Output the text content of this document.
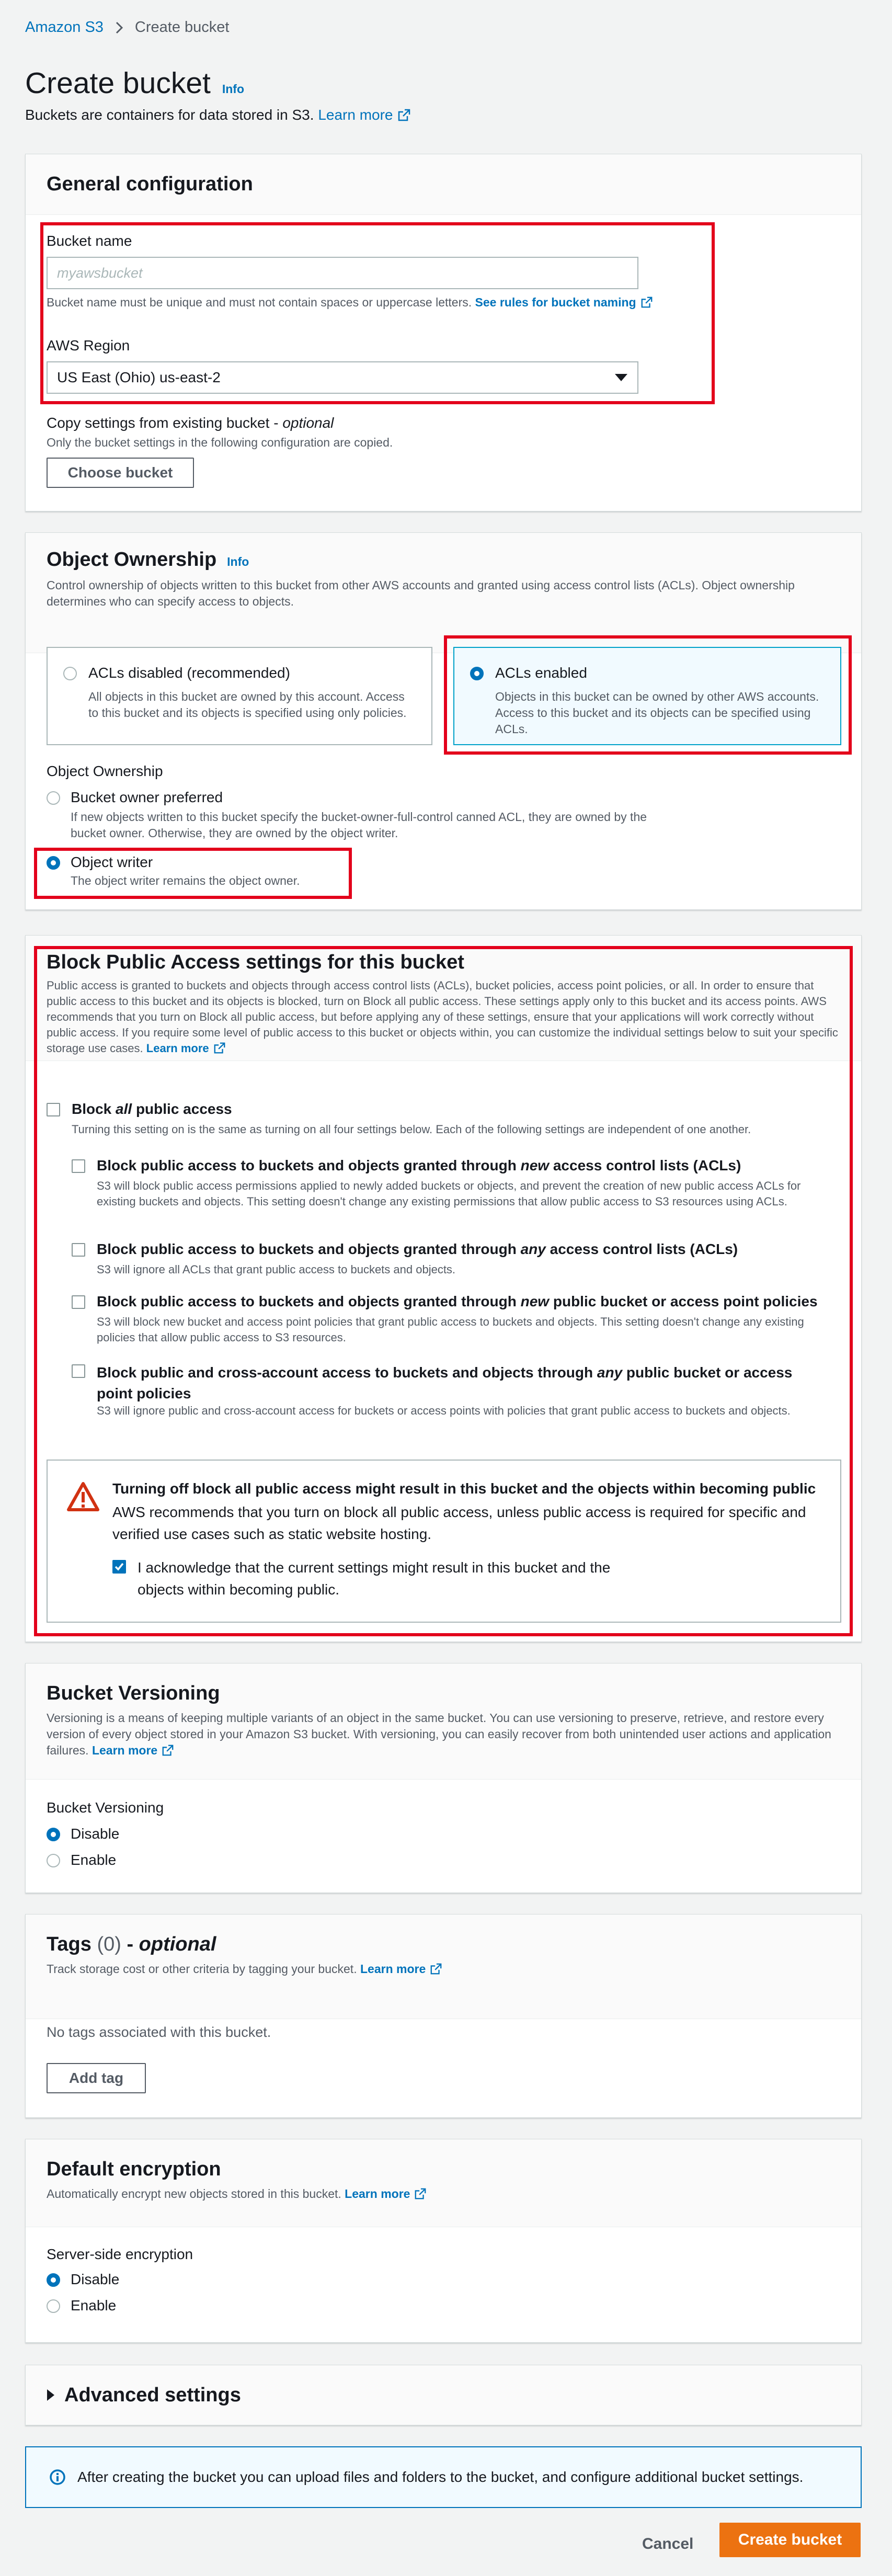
Amazon S3 Create bucket
Create bucket Info
Buckets are containers for data stored in S3. Learn more
General configuration
Bucket name
myawsbucket
Bucket name must be unique and must not contain spaces or uppercase letters. See rules for bucket naming
AWS Region
US East (Ohio) us-east-2
Copy settings from existing bucket - optional
Only the bucket settings in the following configuration are copied.
Choose bucket
Object Ownership Info
Control ownership of objects written to this bucket from other AWS accounts and granted using access control lists (ACLs). Object ownership determines who can specify access to objects.
ACLs disabled (recommended)
All objects in this bucket are owned by this account. Access to this bucket and its objects is specified using only policies.
ACLs enabled
Objects in this bucket can be owned by other AWS accounts. Access to this bucket and its objects can be specified using ACLs.
Object Ownership
Bucket owner preferred
If new objects written to this bucket specify the bucket-owner-full-control canned ACL, they are owned by the bucket owner. Otherwise, they are owned by the object writer.
Object writer
The object writer remains the object owner.
Block Public Access settings for this bucket
Public access is granted to buckets and objects through access control lists (ACLs), bucket policies, access point policies, or all. In order to ensure that public access to this bucket and its objects is blocked, turn on Block all public access. These settings apply only to this bucket and its access points. AWS recommends that you turn on Block all public access, but before applying any of these settings, ensure that your applications will work correctly without public access. If you require some level of public access to this bucket or objects within, you can customize the individual settings below to suit your specific storage use cases. Learn more
Block all public access
Turning this setting on is the same as turning on all four settings below. Each of the following settings are independent of one another.
Block public access to buckets and objects granted through new access control lists (ACLs)
S3 will block public access permissions applied to newly added buckets or objects, and prevent the creation of new public access ACLs for existing buckets and objects. This setting doesn't change any existing permissions that allow public access to S3 resources using ACLs.
Block public access to buckets and objects granted through any access control lists (ACLs)
S3 will ignore all ACLs that grant public access to buckets and objects.
Block public access to buckets and objects granted through new public bucket or access point policies
S3 will block new bucket and access point policies that grant public access to buckets and objects. This setting doesn't change any existing policies that allow public access to S3 resources.
Block public and cross-account access to buckets and objects through any public bucket or access point policies
S3 will ignore public and cross-account access for buckets or access points with policies that grant public access to buckets and objects.
Turning off block all public access might result in this bucket and the objects within becoming public
AWS recommends that you turn on block all public access, unless public access is required for specific and verified use cases such as static website hosting.
I acknowledge that the current settings might result in this bucket and the objects within becoming public.
Bucket Versioning
Versioning is a means of keeping multiple variants of an object in the same bucket. You can use versioning to preserve, retrieve, and restore every version of every object stored in your Amazon S3 bucket. With versioning, you can easily recover from both unintended user actions and application failures. Learn more
Bucket Versioning
Disable
Enable
Tags (0) - optional
Track storage cost or other criteria by tagging your bucket. Learn more
No tags associated with this bucket.
Add tag
Default encryption
Automatically encrypt new objects stored in this bucket. Learn more
Server-side encryption
Disable
Enable
Advanced settings
After creating the bucket you can upload files and folders to the bucket, and configure additional bucket settings.
Cancel	Create bucket
